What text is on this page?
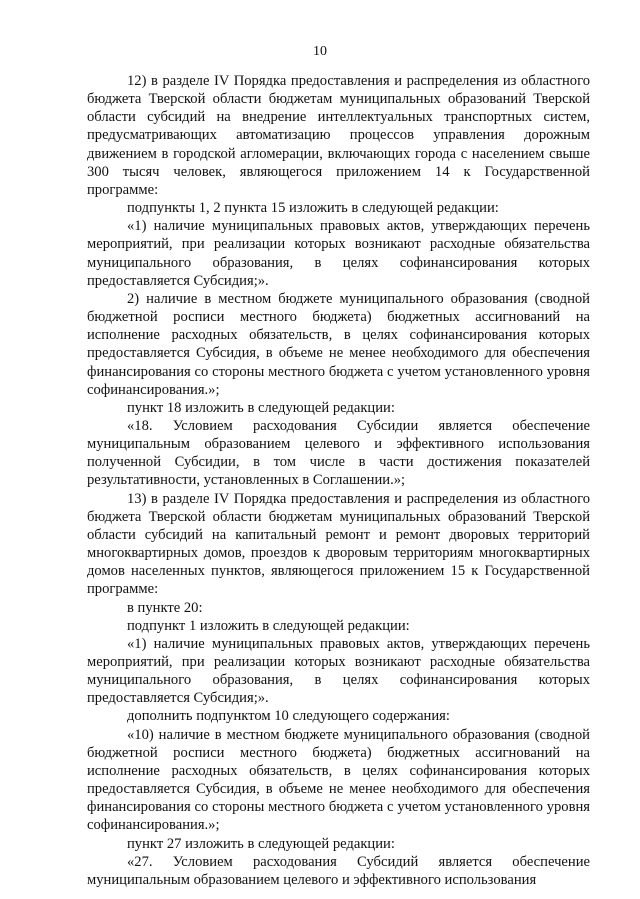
10

12) в разделе IV Порядка предоставления и распределения из областного бюджета Тверской области бюджетам муниципальных образований Тверской области субсидий на внедрение интеллектуальных транспортных систем, предусматривающих автоматизацию процессов управления дорожным движением в городской агломерации, включающих города с населением свыше 300 тысяч человек, являющегося приложением 14 к Государственной программе:

подпункты 1, 2 пункта 15 изложить в следующей редакции:

«1) наличие муниципальных правовых актов, утверждающих перечень мероприятий, при реализации которых возникают расходные обязательства муниципального образования, в целях софинансирования которых предоставляется Субсидия;».

2) наличие в местном бюджете муниципального образования (сводной бюджетной росписи местного бюджета) бюджетных ассигнований на исполнение расходных обязательств, в целях софинансирования которых предоставляется Субсидия, в объеме не менее необходимого для обеспечения финансирования со стороны местного бюджета с учетом установленного уровня софинансирования.»;

пункт 18 изложить в следующей редакции:

«18. Условием расходования Субсидии является обеспечение муниципальным образованием целевого и эффективного использования полученной Субсидии, в том числе в части достижения показателей результативности, установленных в Соглашении.»;

13) в разделе IV Порядка предоставления и распределения из областного бюджета Тверской области бюджетам муниципальных образований Тверской области субсидий на капитальный ремонт и ремонт дворовых территорий многоквартирных домов, проездов к дворовым территориям многоквартирных домов населенных пунктов, являющегося приложением 15 к Государственной программе:

в пункте 20:

подпункт 1 изложить в следующей редакции:

«1) наличие муниципальных правовых актов, утверждающих перечень мероприятий, при реализации которых возникают расходные обязательства муниципального образования, в целях софинансирования которых предоставляется Субсидия;».

дополнить подпунктом 10 следующего содержания:

«10) наличие в местном бюджете муниципального образования (сводной бюджетной росписи местного бюджета) бюджетных ассигнований на исполнение расходных обязательств, в целях софинансирования которых предоставляется Субсидия, в объеме не менее необходимого для обеспечения финансирования со стороны местного бюджета с учетом установленного уровня софинансирования.»;

пункт 27 изложить в следующей редакции:

«27. Условием расходования Субсидий является обеспечение муниципальным образованием целевого и эффективного использования
